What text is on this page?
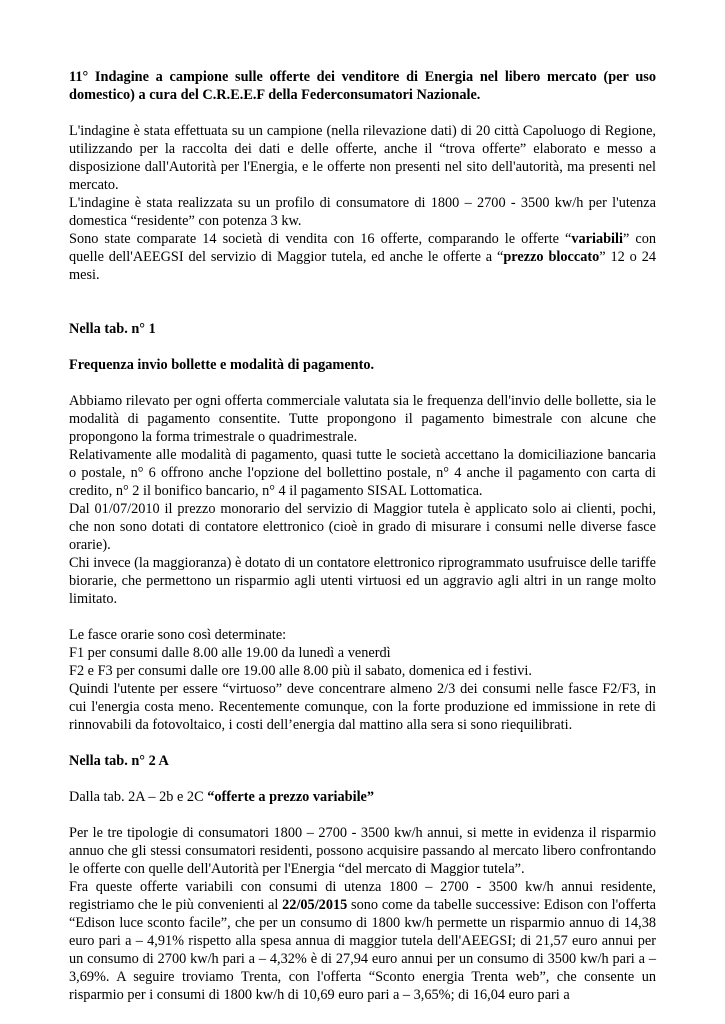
11° Indagine a campione sulle offerte dei venditore di Energia nel libero mercato (per uso domestico) a cura del C.R.E.E.F della Federconsumatori Nazionale.

L'indagine è stata effettuata su un campione (nella rilevazione dati) di 20 città Capoluogo di Regione, utilizzando per la raccolta dei dati e delle offerte, anche il “trova offerte” elaborato e messo a disposizione dall'Autorità per l'Energia, e le offerte non presenti nel sito dell'autorità, ma presenti nel mercato.

L'indagine è stata realizzata su un profilo di consumatore di 1800 – 2700 - 3500 kw/h per l'utenza domestica “residente” con potenza 3 kw.

Sono state comparate 14 società di vendita con 16 offerte, comparando le offerte “variabili” con quelle dell'AEEGSI del servizio di Maggior tutela, ed anche le offerte a “prezzo bloccato” 12 o 24 mesi.

Nella tab. n° 1

Frequenza invio bollette e modalità di pagamento.

Abbiamo rilevato per ogni offerta commerciale valutata sia le frequenza dell'invio delle bollette, sia le modalità di pagamento consentite. Tutte propongono il pagamento bimestrale con alcune che propongono la forma trimestrale o quadrimestrale.

Relativamente alle modalità di pagamento, quasi tutte le società accettano la domiciliazione bancaria o postale, n° 6 offrono anche l'opzione del bollettino postale, n° 4 anche il pagamento con carta di credito, n° 2 il bonifico bancario, n° 4 il pagamento SISAL Lottomatica.

Dal 01/07/2010 il prezzo monorario del servizio di Maggior tutela è applicato solo ai clienti, pochi, che non sono dotati di contatore elettronico (cioè in grado di misurare i consumi nelle diverse fasce orarie).

Chi invece (la maggioranza) è dotato di un contatore elettronico riprogrammato usufruisce delle tariffe biorarie, che permettono un risparmio agli utenti virtuosi ed un aggravio agli altri in un range molto limitato.

Le fasce orarie sono così determinate:

F1 per consumi dalle 8.00 alle 19.00 da lunedì a venerdì

F2 e F3 per consumi dalle ore 19.00 alle 8.00 più il sabato, domenica ed i festivi.

Quindi l'utente per essere “virtuoso” deve concentrare almeno 2/3 dei consumi nelle fasce F2/F3, in cui l'energia costa meno. Recentemente comunque, con la forte produzione ed immissione in rete di rinnovabili da fotovoltaico, i costi dell’energia dal mattino alla sera si sono riequilibrati.

Nella tab. n° 2 A

Dalla tab. 2A – 2b e 2C “offerte a prezzo variabile”

Per le tre tipologie di consumatori 1800 – 2700 - 3500 kw/h annui, si mette in evidenza il risparmio annuo che gli stessi consumatori residenti, possono acquisire passando al mercato libero confrontando le offerte con quelle dell'Autorità per l'Energia “del mercato di Maggior tutela”.

Fra queste offerte variabili con consumi di utenza 1800 – 2700 - 3500 kw/h annui residente, registriamo che le più convenienti al 22/05/2015 sono come da tabelle successive: Edison con l'offerta “Edison luce sconto facile”, che per un consumo di 1800 kw/h permette un risparmio annuo di 14,38 euro pari a – 4,91% rispetto alla spesa annua di maggior tutela dell'AEEGSI; di 21,57 euro annui per un consumo di 2700 kw/h pari a – 4,32% è di 27,94 euro annui per un consumo di 3500 kw/h pari a – 3,69%. A seguire troviamo Trenta, con l'offerta “Sconto energia Trenta web”, che consente un risparmio per i consumi di 1800 kw/h di 10,69 euro pari a – 3,65%; di 16,04 euro pari a
